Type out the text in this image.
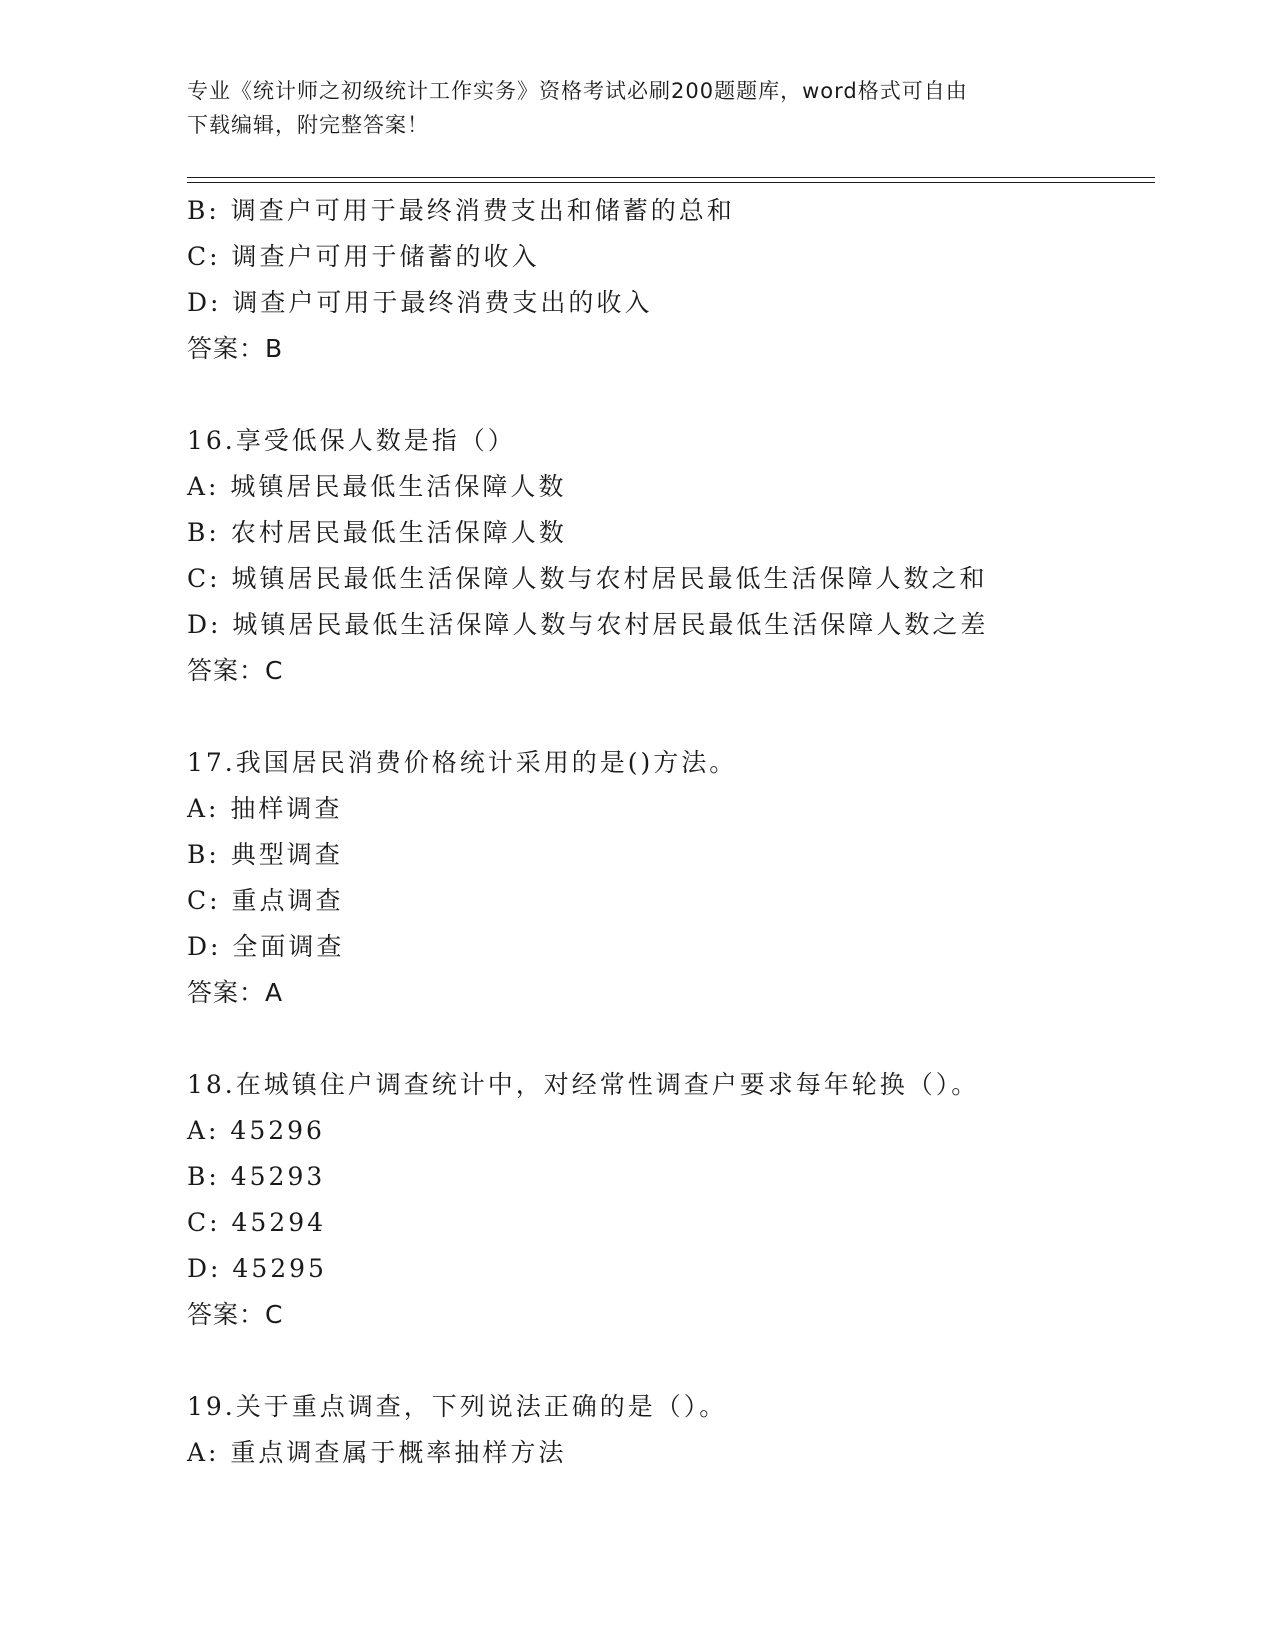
专业《统计师之初级统计工作实务》资格考试必刷200题题库，word格式可自由
下载编辑，附完整答案！
B: 调查户可用于最终消费支出和储蓄的总和
C: 调查户可用于储蓄的收入
D: 调查户可用于最终消费支出的收入
答案：B
16.享受低保人数是指（）
A: 城镇居民最低生活保障人数
B: 农村居民最低生活保障人数
C: 城镇居民最低生活保障人数与农村居民最低生活保障人数之和
D: 城镇居民最低生活保障人数与农村居民最低生活保障人数之差
答案：C
17.我国居民消费价格统计采用的是()方法。
A: 抽样调查
B: 典型调查
C: 重点调查
D: 全面调查
答案：A
18.在城镇住户调查统计中，对经常性调查户要求每年轮换（）。
A: 45296
B: 45293
C: 45294
D: 45295
答案：C
19.关于重点调查，下列说法正确的是（）。
A: 重点调查属于概率抽样方法
